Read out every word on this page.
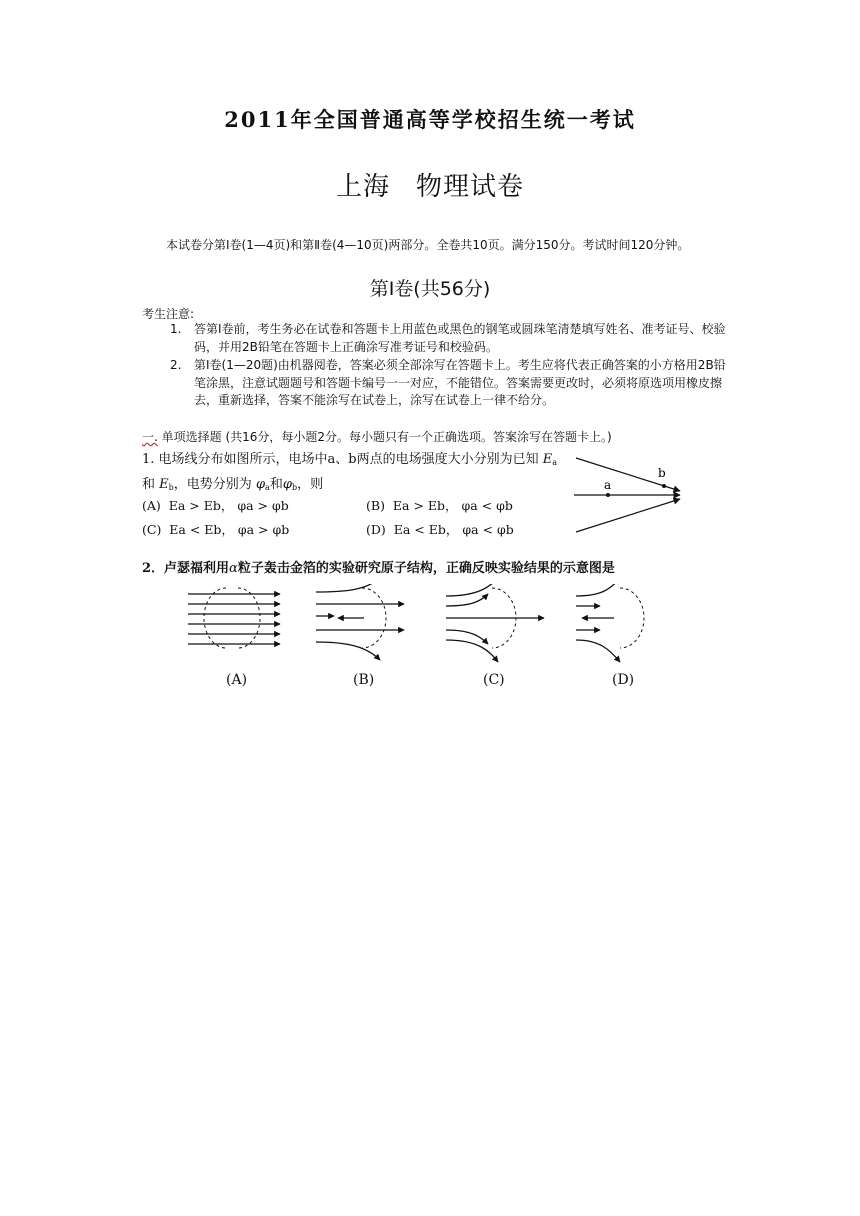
2011年全国普通高等学校招生统一考试
上海 物理试卷
本试卷分第Ⅰ卷(1—4页)和第Ⅱ卷(4—10页)两部分。全卷共10页。满分150分。考试时间120分钟。
第Ⅰ卷(共56分)
考生注意:
1.	答第Ⅰ卷前，考生务必在试卷和答题卡上用蓝色或黑色的钢笔或圆珠笔清楚填写姓名、准考证号、校验码，并用2B铅笔在答题卡上正确涂写准考证号和校验码。
2.	第Ⅰ卷(1—20题)由机器阅卷，答案必须全部涂写在答题卡上。考生应将代表正确答案的小方格用2B铅笔涂黑，注意试题题号和答题卡编号一一对应，不能错位。答案需要更改时，必须将原选项用橡皮擦去，重新选择，答案不能涂写在试卷上，涂写在试卷上一律不给分。
一. 单项选择题 (共16分，每小题2分。每小题只有一个正确选项。答案涂写在答题卡上。)
1. 电场线分布如图所示，电场中a、b两点的电场强度大小分别为已知 $E_a$
和 $E_b$，电势分别为 $\varphi_a$和$\varphi_b$，则
(A) Ea > Eb， φa > φb	(B) Ea > Eb， φa < φb
(C) Ea < Eb， φa > φb	(D) Ea < Eb， φa < φb
a
b
2．卢瑟福利用α粒子轰击金箔的实验研究原子结构，正确反映实验结果的示意图是
(A)	(B)	(C)	(D)
